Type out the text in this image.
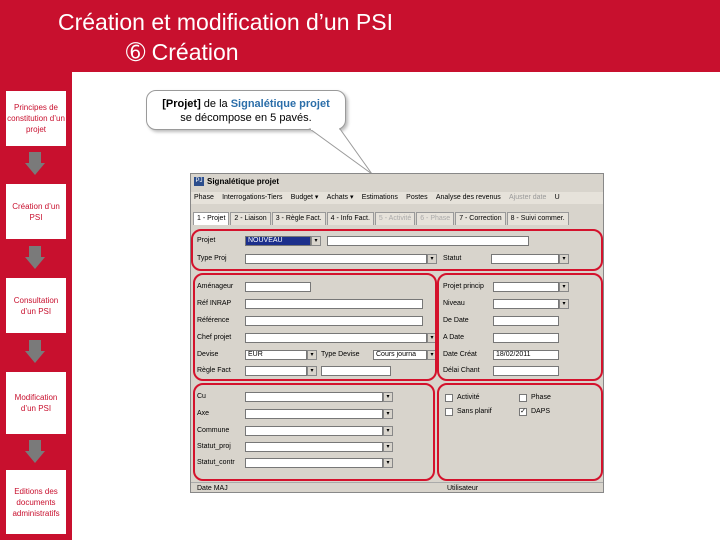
Création et modification d’un PSI
➅ Création
Principes de constitution d’un projet
Création d’un PSI
Consultation d’un PSI
Modification d’un PSI
Editions des documents administratifs
[Projet] de la Signalétique projet
se décompose en 5 pavés.
PJ Signalétique projet
Phase Interrogations-Tiers Budget ▾ Achats ▾ Estimations Postes Analyse des revenus Ajuster date U
1 - Projet 2 - Liaison 3 - Règle Fact. 4 - Info Fact. 5 - Activité 6 - Phase 7 - Correction 8 - Suivi commer.
Projet	NOUVEAU	▾
Type Proj	▾	Statut	▾
Aménageur
Réf INRAP
Référence
Chef projet	▾
Devise	EUR	▾	Type Devise	Cours journa	▾
Règle Fact	▾
Projet princip	▾
Niveau	▾
De Date
A Date
Date Créat	18/02/2011
Délai Chant
Cu	▾
Axe	▾
Commune	▾
Statut_proj	▾
Statut_contr	▾
Activité	Phase
Sans planif	✓ DAPS
Date MAJ	Utilisateur
